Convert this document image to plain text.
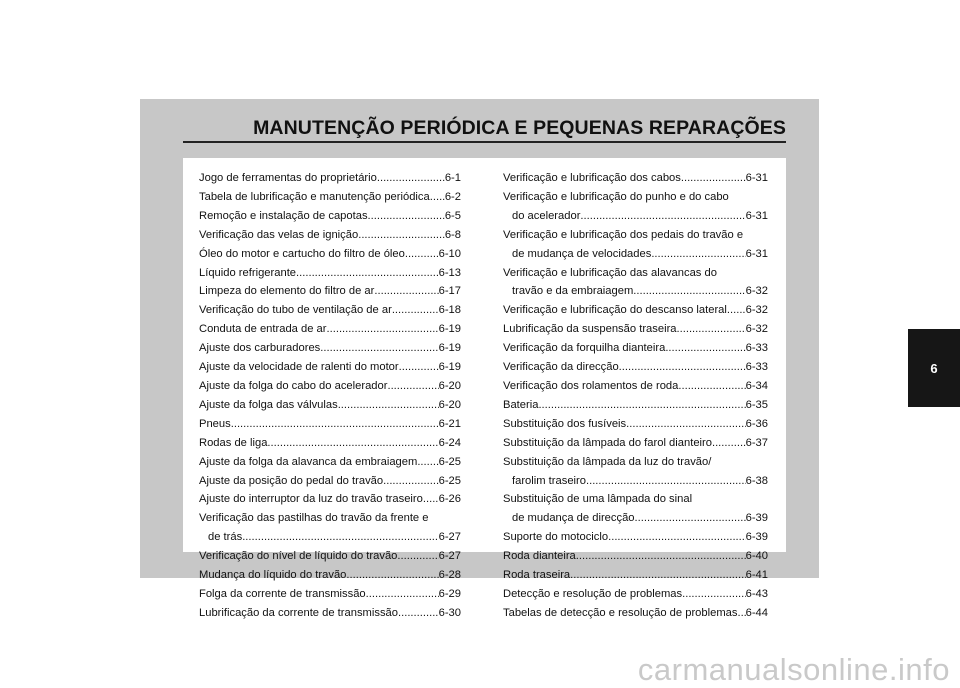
MANUTENÇÃO PERIÓDICA E PEQUENAS REPARAÇÕES
Jogo de ferramentas do proprietário .....	6-1
Tabela de lubrificação e manutenção periódica ..... 6-2
Remoção e instalação de capotas .....	6-5
Verificação das velas de ignição .....	6-8
Óleo do motor e cartucho do filtro de óleo .....	6-10
Líquido refrigerante .....	6-13
Limpeza do elemento do filtro de ar .....	6-17
Verificação do tubo de ventilação de ar .....	6-18
Conduta de entrada de ar .....	6-19
Ajuste dos carburadores .....	6-19
Ajuste da velocidade de ralenti do motor .....	6-19
Ajuste da folga do cabo do acelerador .....	6-20
Ajuste da folga das válvulas .....	6-20
Pneus .....	6-21
Rodas de liga .....	6-24
Ajuste da folga da alavanca da embraiagem ..... 6-25
Ajuste da posição do pedal do travão .....	6-25
Ajuste do interruptor da luz do travão traseiro ..... 6-26
Verificação das pastilhas do travão da frente e
de trás .....	6-27
Verificação do nível de líquido do travão .....	6-27
Mudança do líquido do travão .....	6-28
Folga da corrente de transmissão .....	6-29
Lubrificação da corrente de transmissão .....	6-30
Verificação e lubrificação dos cabos .....	6-31
Verificação e lubrificação do punho e do cabo
do acelerador .....	6-31
Verificação e lubrificação dos pedais do travão e
de mudança de velocidades .....	6-31
Verificação e lubrificação das alavancas do
travão e da embraiagem .....	6-32
Verificação e lubrificação do descanso lateral ..... 6-32
Lubrificação da suspensão traseira .....	6-32
Verificação da forquilha dianteira .....	6-33
Verificação da direcção .....	6-33
Verificação dos rolamentos de roda .....	6-34
Bateria .....	6-35
Substituição dos fusíveis .....	6-36
Substituição da lâmpada do farol dianteiro .....	6-37
Substituição da lâmpada da luz do travão/
farolim traseiro .....	6-38
Substituição de uma lâmpada do sinal
de mudança de direcção .....	6-39
Suporte do motociclo .....	6-39
Roda dianteira .....	6-40
Roda traseira .....	6-41
Detecção e resolução de problemas .....	6-43
Tabelas de detecção e resolução de problemas ..... 6-44
6
carmanualsonline.info
